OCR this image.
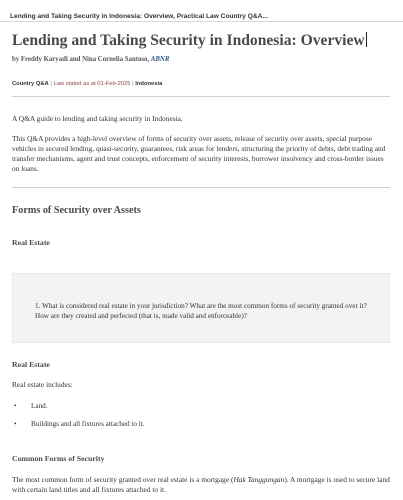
Lending and Taking Security in Indonesia: Overview, Practical Law Country Q&A...
Lending and Taking Security in Indonesia: Overview
by Freddy Karyadi and Nina Cornelia Santoso, ABNR
Country Q&A | Law stated as at 01-Feb-2025 | Indonesia

A Q&A guide to lending and taking security in Indonesia.

This Q&A provides a high-level overview of forms of security over assets, release of security over assets, special purpose vehicles in secured lending, quasi-security, guarantees, risk areas for lenders, structuring the priority of debts, debt trading and transfer mechanisms, agent and trust concepts, enforcement of security interests, borrower insolvency and cross-border issues on loans.

Forms of Security over Assets
Real Estate

1. What is considered real estate in your jurisdiction? What are the most common forms of security granted over it? How are they created and perfected (that is, made valid and enforceable)?

Real Estate

Real estate includes:

• Land.
• Buildings and all fixtures attached to it.
Common Forms of Security

The most common form of security granted over real estate is a mortgage (Hak Tanggungan). A mortgage is used to secure land with certain land titles and all fixtures attached to it.
